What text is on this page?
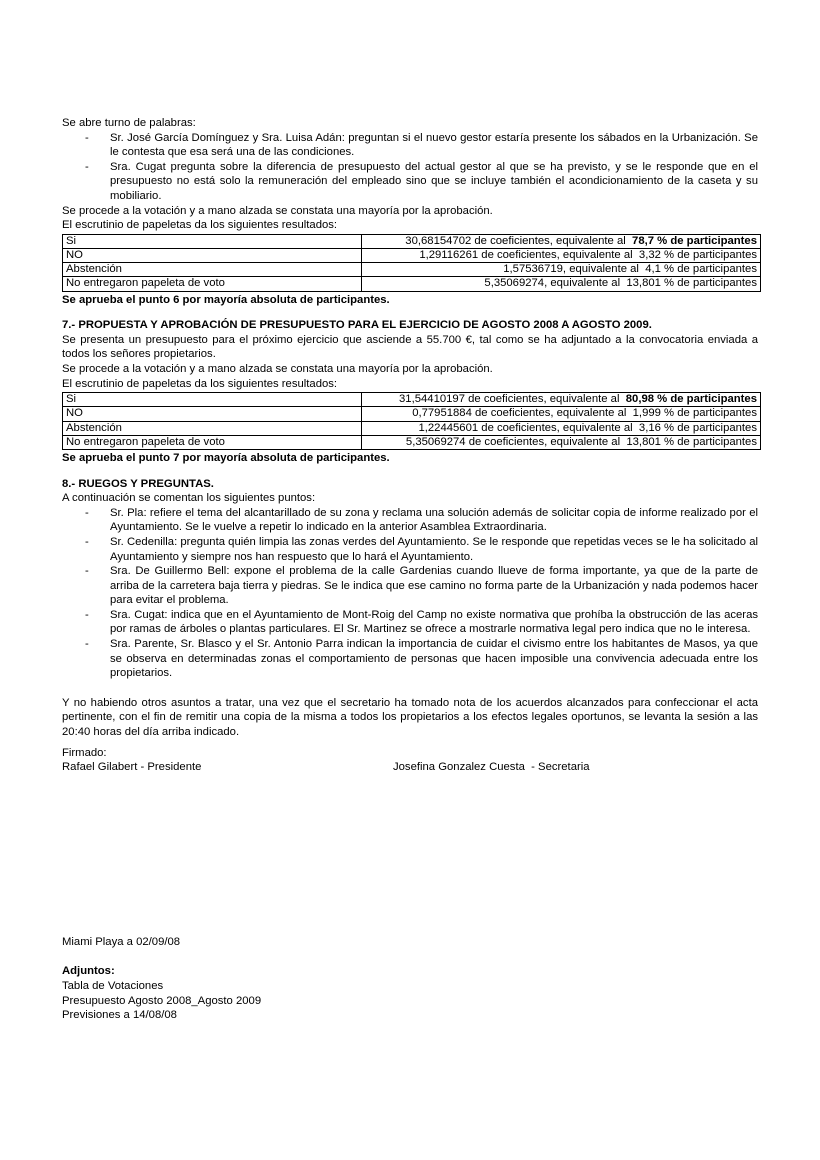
Se abre turno de palabras:
-	Sr. José García Domínguez y Sra. Luisa Adán: preguntan si el nuevo gestor estaría presente los sábados en la Urbanización. Se le contesta que esa será una de las condiciones.
-	Sra. Cugat pregunta sobre la diferencia de presupuesto del actual gestor al que se ha previsto, y se le responde que en el presupuesto no está solo la remuneración del empleado sino que se incluye también el acondicionamiento de la caseta y su mobiliario.
Se procede a la votación y a mano alzada se constata una mayoría por la aprobación.
El escrutinio de papeletas da los siguientes resultados:
Si	30,68154702 de coeficientes, equivalente al  78,7 % de participantes
NO	1,29116261 de coeficientes, equivalente al  3,32 % de participantes
Abstención	1,57536719, equivalente al  4,1 % de participantes
No entregaron papeleta de voto	5,35069274, equivalente al  13,801 % de participantes
Se aprueba el punto 6 por mayoría absoluta de participantes.
7.- PROPUESTA Y APROBACIÓN DE PRESUPUESTO PARA EL EJERCICIO DE AGOSTO 2008 A AGOSTO 2009.
Se presenta un presupuesto para el próximo ejercicio que asciende a 55.700 €, tal como se ha adjuntado a la convocatoria enviada a todos los señores propietarios.
Se procede a la votación y a mano alzada se constata una mayoría por la aprobación.
El escrutinio de papeletas da los siguientes resultados:
Si	31,54410197 de coeficientes, equivalente al  80,98 % de participantes
NO	0,77951884 de coeficientes, equivalente al  1,999 % de participantes
Abstención	1,22445601 de coeficientes, equivalente al  3,16 % de participantes
No entregaron papeleta de voto	5,35069274 de coeficientes, equivalente al  13,801 % de participantes
Se aprueba el punto 7 por mayoría absoluta de participantes.
8.- RUEGOS Y PREGUNTAS.
A continuación se comentan los siguientes puntos:
-	Sr. Pla: refiere el tema del alcantarillado de su zona y reclama una solución además de solicitar copia de informe realizado por el Ayuntamiento. Se le vuelve a repetir lo indicado en la anterior Asamblea Extraordinaria.
-	Sr. Cedenilla: pregunta quién limpia las zonas verdes del Ayuntamiento. Se le responde que repetidas veces se le ha solicitado al Ayuntamiento y siempre nos han respuesto que lo hará el Ayuntamiento.
-	Sra. De Guillermo Bell: expone el problema de la calle Gardenias cuando llueve de forma importante, ya que de la parte de arriba de la carretera baja tierra y piedras. Se le indica que ese camino no forma parte de la Urbanización y nada podemos hacer para evitar el problema.
-	Sra. Cugat: indica que en el Ayuntamiento de Mont-Roig del Camp no existe normativa que prohíba la obstrucción de las aceras por ramas de árboles o plantas particulares. El Sr. Martinez se ofrece a mostrarle normativa legal pero indica que no le interesa.
-	Sra. Parente, Sr. Blasco y el Sr. Antonio Parra indican la importancia de cuidar el civismo entre los habitantes de Masos, ya que se observa en determinadas zonas el comportamiento de personas que hacen imposible una convivencia adecuada entre los propietarios.
Y no habiendo otros asuntos a tratar, una vez que el secretario ha tomado nota de los acuerdos alcanzados para confeccionar el acta pertinente, con el fin de remitir una copia de la misma a todos los propietarios a los efectos legales oportunos, se levanta la sesión a las 20:40 horas del día arriba indicado.
Firmado:
Rafael Gilabert - Presidente	Josefina Gonzalez Cuesta  - Secretaria
Miami Playa a 02/09/08
Adjuntos:
Tabla de Votaciones
Presupuesto Agosto 2008_Agosto 2009
Previsiones a 14/08/08
